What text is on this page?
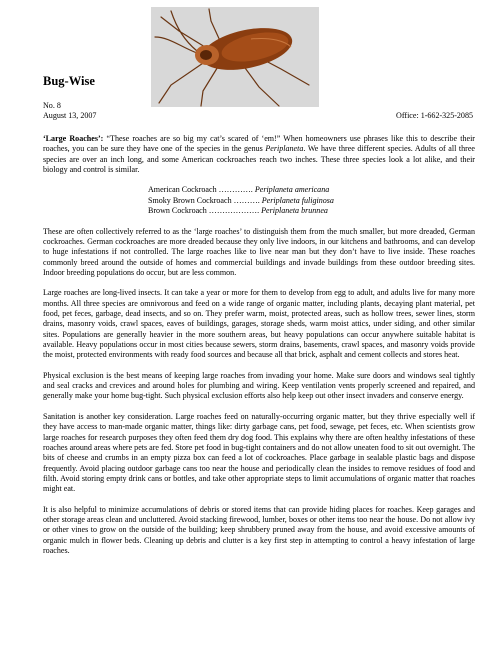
Bug-Wise
No. 8
August 13, 2007	Office: 1-662-325-2085

‘Large Roaches’: “These roaches are so big my cat’s scared of ‘em!” When homeowners use phrases like this to describe their roaches, you can be sure they have one of the species in the genus Periplaneta. We have three different species. Adults of all three species are over an inch long, and some American cockroaches reach two inches. These three species look a lot alike, and their biology and control is similar.

American Cockroach …………. Periplaneta americana
Smoky Brown Cockroach ………. Periplaneta fuliginosa
Brown Cockroach ………………. Periplaneta brunnea

These are often collectively referred to as the ‘large roaches’ to distinguish them from the much smaller, but more dreaded, German cockroaches. German cockroaches are more dreaded because they only live indoors, in our kitchens and bathrooms, and can develop to huge infestations if not controlled. The large roaches like to live near man but they don’t have to live inside. These roaches commonly breed around the outside of homes and commercial buildings and invade buildings from these outdoor breeding sites. Indoor breeding populations do occur, but are less common.

Large roaches are long-lived insects. It can take a year or more for them to develop from egg to adult, and adults live for many more months. All three species are omnivorous and feed on a wide range of organic matter, including plants, decaying plant material, pet food, pet feces, garbage, dead insects, and so on. They prefer warm, moist, protected areas, such as hollow trees, sewer lines, storm drains, masonry voids, crawl spaces, eaves of buildings, garages, storage sheds, warm moist attics, under siding, and other similar sites. Populations are generally heavier in the more southern areas, but heavy populations can occur anywhere suitable habitat is available. Heavy populations occur in most cities because sewers, storm drains, basements, crawl spaces, and masonry voids provide the moist, protected environments with ready food sources and because all that brick, asphalt and cement collects and stores heat.

Physical exclusion is the best means of keeping large roaches from invading your home. Make sure doors and windows seal tightly and seal cracks and crevices and around holes for plumbing and wiring. Keep ventilation vents properly screened and repaired, and generally make your home bug-tight. Such physical exclusion efforts also help keep out other insect invaders and conserve energy.

Sanitation is another key consideration. Large roaches feed on naturally-occurring organic matter, but they thrive especially well if they have access to man-made organic matter, things like: dirty garbage cans, pet food, sewage, pet feces, etc. When scientists grow large roaches for research purposes they often feed them dry dog food. This explains why there are often healthy infestations of these roaches around areas where pets are fed. Store pet food in bug-tight containers and do not allow uneaten food to sit out overnight. The bits of cheese and crumbs in an empty pizza box can feed a lot of cockroaches. Place garbage in sealable plastic bags and dispose frequently. Avoid placing outdoor garbage cans too near the house and periodically clean the insides to remove residues of food and filth. Avoid storing empty drink cans or bottles, and take other appropriate steps to limit accumulations of organic matter that roaches might eat.

It is also helpful to minimize accumulations of debris or stored items that can provide hiding places for roaches. Keep garages and other storage areas clean and uncluttered. Avoid stacking firewood, lumber, boxes or other items too near the house. Do not allow ivy or other vines to grow on the outside of the building; keep shrubbery pruned away from the house, and avoid excessive amounts of organic mulch in flower beds. Cleaning up debris and clutter is a key first step in attempting to control a heavy infestation of large roaches.
